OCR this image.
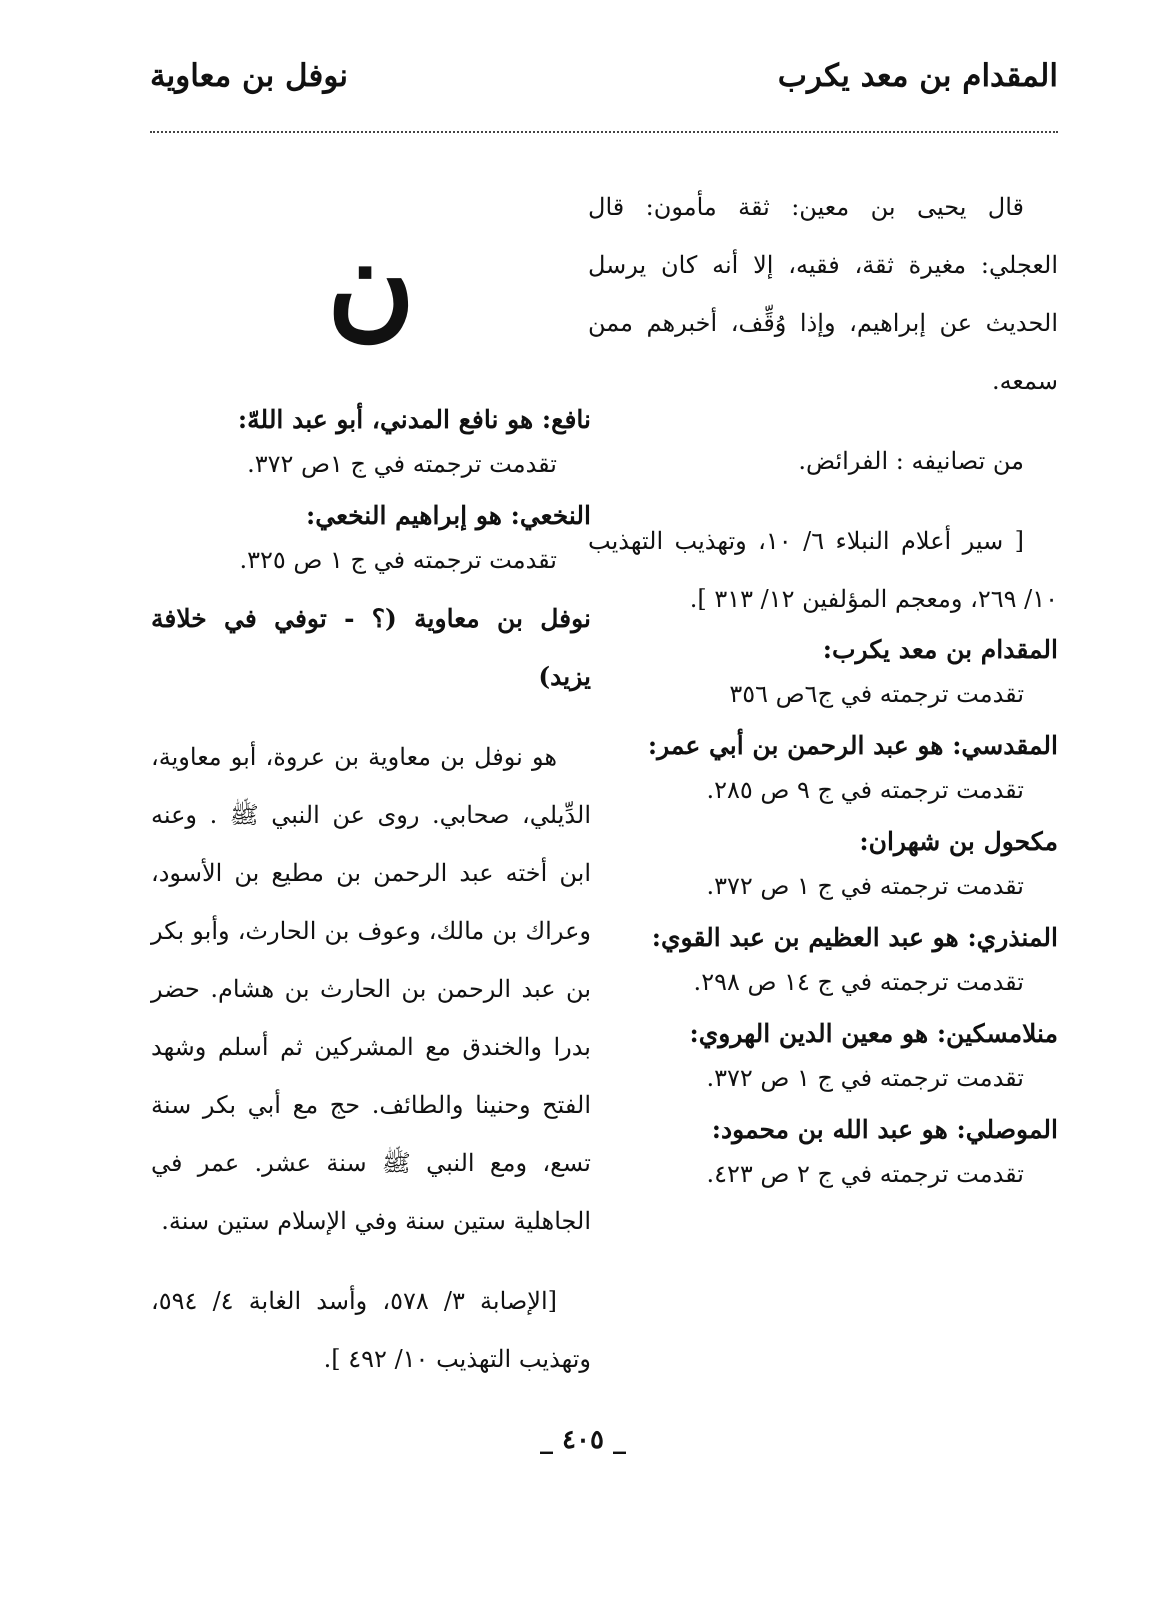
المقدام بن معد يكرب
نوفل بن معاوية

قال يحيى بن معين: ثقة مأمون: قال العجلي: مغيرة ثقة، فقيه، إلا أنه كان يرسل الحديث عن إبراهيم، وإذا وُقِّف، أخبرهم ممن سمعه.

من تصانيفه : الفرائض.

[ سير أعلام النبلاء ٦/ ١٠، وتهذيب التهذيب ١٠/ ٢٦٩، ومعجم المؤلفين ١٢/ ٣١٣ ].

المقدام بن معد يكرب:
تقدمت ترجمته في ج٦ص ٣٥٦
المقدسي: هو عبد الرحمن بن أبي عمر:
تقدمت ترجمته في ج ٩ ص ٢٨٥.
مكحول بن شهران:
تقدمت ترجمته في ج ١ ص ٣٧٢.
المنذري: هو عبد العظيم بن عبد القوي:
تقدمت ترجمته في ج ١٤ ص ٢٩٨.
منلامسكين: هو معين الدين الهروي:
تقدمت ترجمته في ج ١ ص ٣٧٢.
الموصلي: هو عبد الله بن محمود:
تقدمت ترجمته في ج ٢ ص ٤٢٣.
ن
نافع: هو نافع المدني، أبو عبد اللهّ:
تقدمت ترجمته في ج ١ص ٣٧٢.
النخعي: هو إبراهيم النخعي:
تقدمت ترجمته في ج ١ ص ٣٢٥.
نوفل بن معاوية (؟ - توفي في خلافة يزيد)

هو نوفل بن معاوية بن عروة، أبو معاوية، الدِّيلي، صحابي. روى عن النبي ﷺ . وعنه ابن أخته عبد الرحمن بن مطيع بن الأسود، وعراك بن مالك، وعوف بن الحارث، وأبو بكر بن عبد الرحمن بن الحارث بن هشام. حضر بدرا والخندق مع المشركين ثم أسلم وشهد الفتح وحنينا والطائف. حج مع أبي بكر سنة تسع، ومع النبي ﷺ سنة عشر. عمر في الجاهلية ستين سنة وفي الإسلام ستين سنة.

[الإصابة ٣/ ٥٧٨، وأسد الغابة ٤/ ٥٩٤، وتهذيب التهذيب ١٠/ ٤٩٢ ].

_ ٤٠٥ _
